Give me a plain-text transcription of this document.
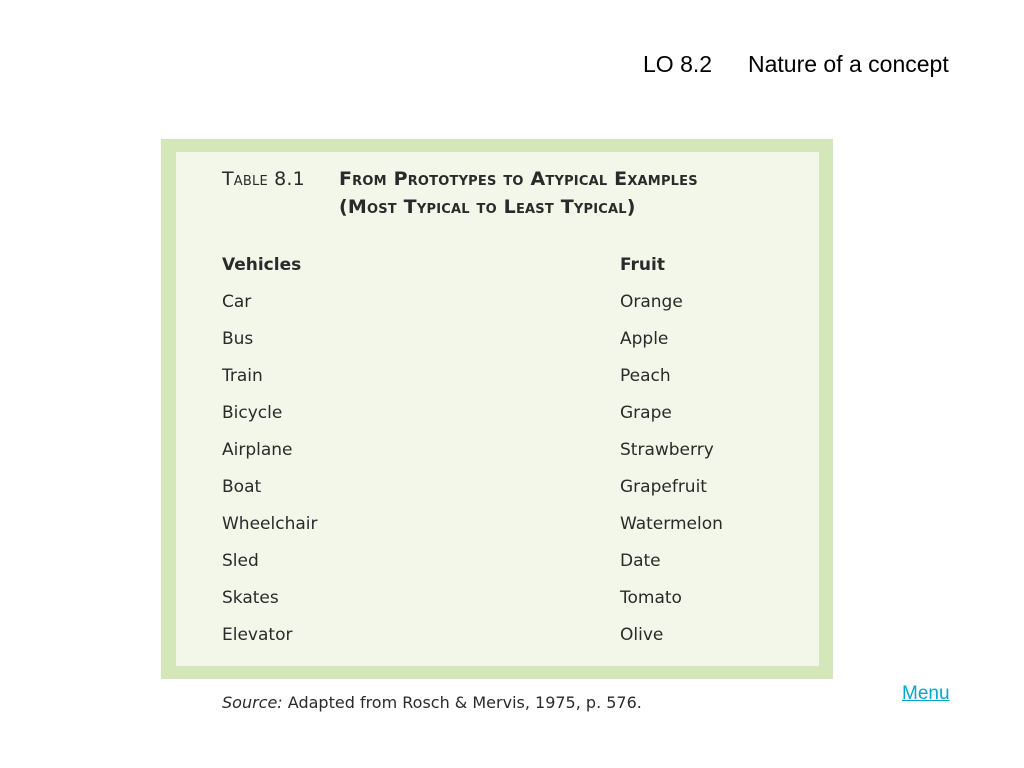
LO 8.2 Nature of a concept
Table 8.1 From Prototypes to Atypical Examples
(Most Typical to Least Typical)
Vehicles
Car
Bus
Train
Bicycle
Airplane
Boat
Wheelchair
Sled
Skates
Elevator
Fruit
Orange
Apple
Peach
Grape
Strawberry
Grapefruit
Watermelon
Date
Tomato
Olive
Source: Adapted from Rosch & Mervis, 1975, p. 576.	Menu
